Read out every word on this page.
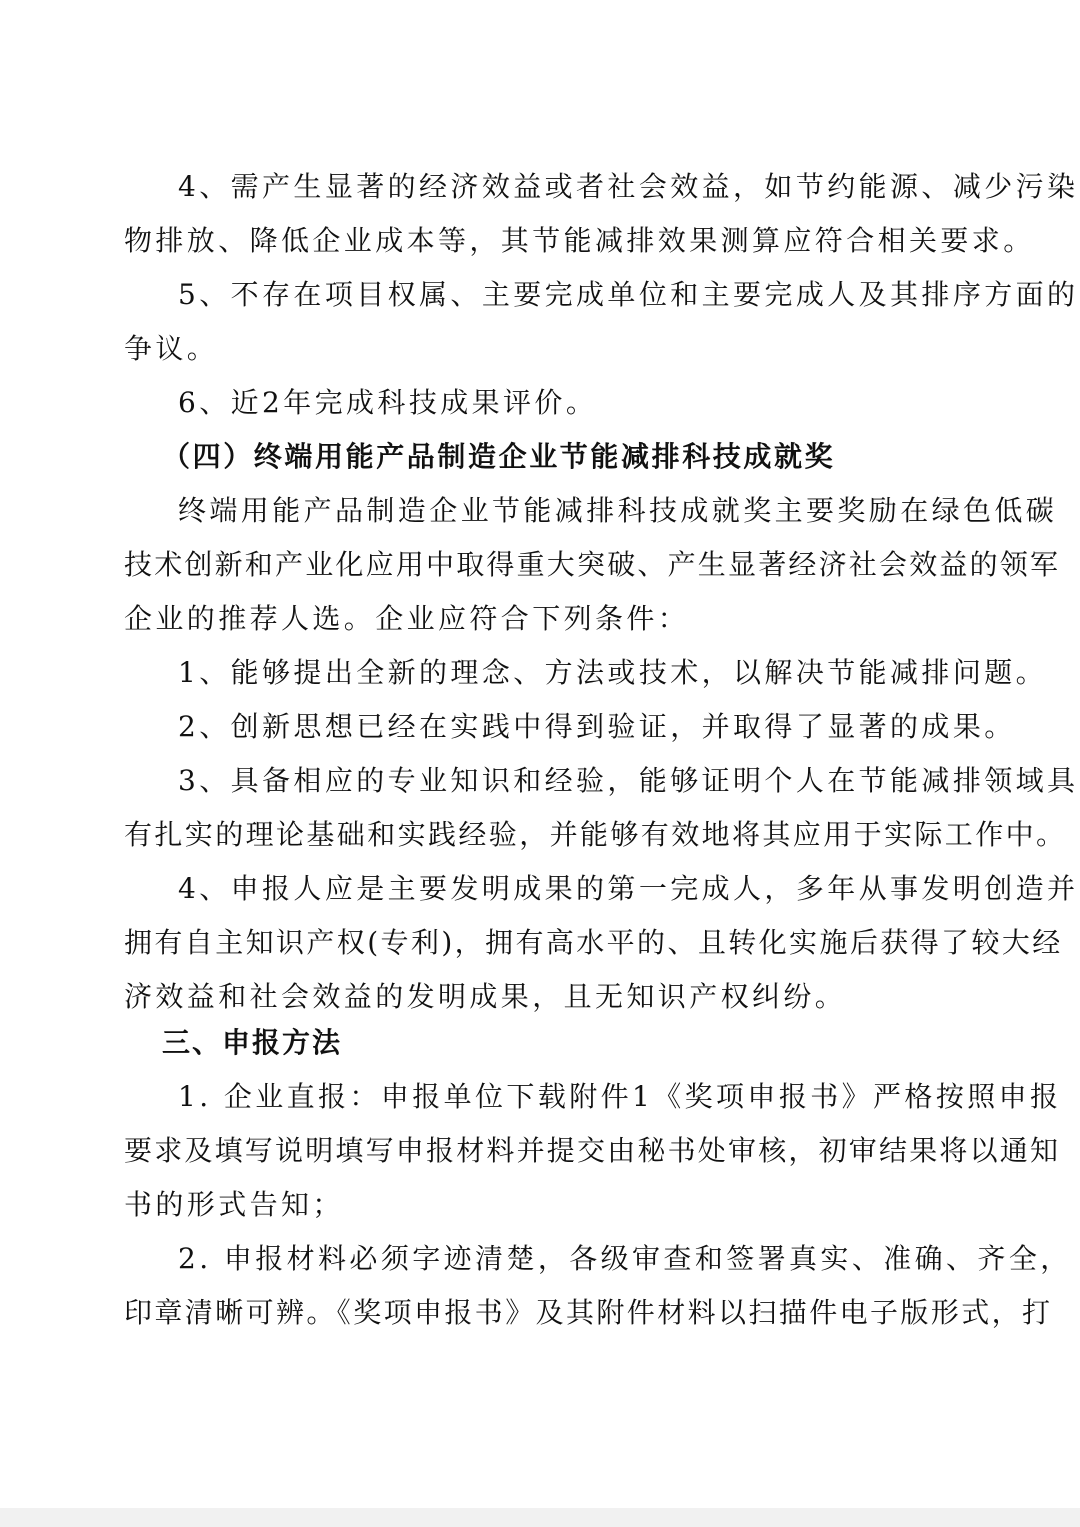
4、需产生显著的经济效益或者社会效益，如节约能源、减少污染
物排放、降低企业成本等，其节能减排效果测算应符合相关要求。
5、不存在项目权属、主要完成单位和主要完成人及其排序方面的
争议。
6、近2年完成科技成果评价。
（四）终端用能产品制造企业节能减排科技成就奖
终端用能产品制造企业节能减排科技成就奖主要奖励在绿色低碳
技术创新和产业化应用中取得重大突破、产生显著经济社会效益的领军
企业的推荐人选。企业应符合下列条件：
1、能够提出全新的理念、方法或技术，以解决节能减排问题。
2、创新思想已经在实践中得到验证，并取得了显著的成果。
3、具备相应的专业知识和经验，能够证明个人在节能减排领域具
有扎实的理论基础和实践经验，并能够有效地将其应用于实际工作中。
4、申报人应是主要发明成果的第一完成人，多年从事发明创造并
拥有自主知识产权(专利)，拥有高水平的、且转化实施后获得了较大经
济效益和社会效益的发明成果，且无知识产权纠纷。
三、申报方法
1. 企业直报：申报单位下载附件1《奖项申报书》严格按照申报
要求及填写说明填写申报材料并提交由秘书处审核，初审结果将以通知
书的形式告知；
2. 申报材料必须字迹清楚，各级审查和签署真实、准确、齐全，
印章清晰可辨。《奖项申报书》及其附件材料以扫描件电子版形式，打
